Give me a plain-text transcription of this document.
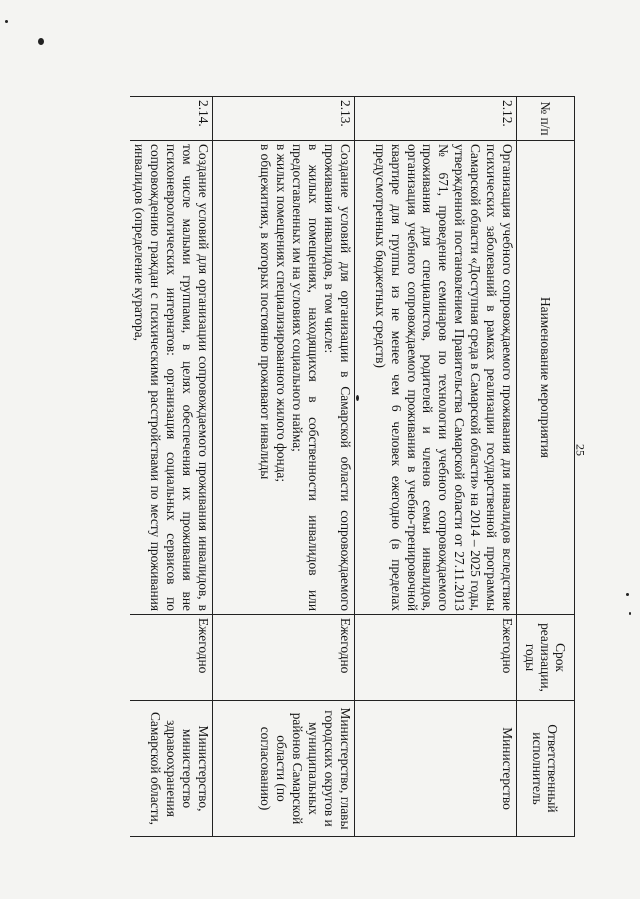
25
№ п/п	Наименование мероприятия	Срок реализации, годы	Ответственный исполнитель
2.12.	Организация учебного сопровождаемого проживания для инвалидов вследствие психических заболеваний в рамках реализации государственной программы Самарской области «Доступная среда в Самарской области» на 2014 – 2025 годы, утвержденной постановлением Правительства Самарской области от 27.11.2013 № 671, проведение семинаров по технологии учебного сопровождаемого проживания для специалистов, родителей и членов семьи инвалидов, организация учебного сопровождаемого проживания в учебно-тренировочной квартире для группы из не менее чем 6 человек ежегодно (в пределах предусмотренных бюджетных средств)	Ежегодно	Министерство
2.13.	Создание условий для организации в Самарской области сопровождаемого проживания инвалидов, в том числе:
в жилых помещениях, находящихся в собственности инвалидов или предоставленных им на условиях социального найма;
в жилых помещениях специализированного жилого фонда;
в общежитиях, в которых постоянно проживают инвалиды	Ежегодно	Министерство, главы городских округов и муниципальных районов Самарской области (по согласованию)
2.14.	Создание условий для организации сопровождаемого проживания инвалидов, в том числе малыми группами, в целях обеспечения их проживания вне психоневрологических интернатов: организация социальных сервисов по сопровождению граждан с психическими расстройствами по месту проживания инвалидов (определение куратора,	Ежегодно	Министерство, министерство здравоохранения Самарской области,
